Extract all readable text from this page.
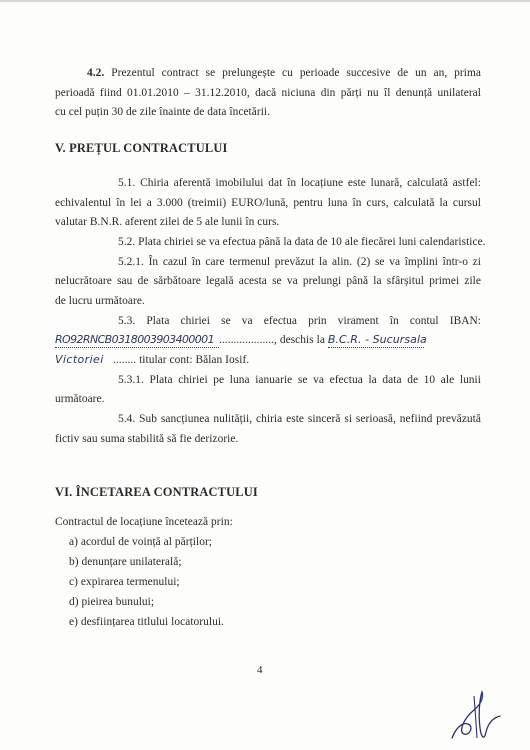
4.2. Prezentul contract se prelungește cu perioade succesive de un an, prima
perioadă fiind 01.01.2010 – 31.12.2010, dacă niciuna din părți nu îl denunță unilateral
cu cel puțin 30 de zile înainte de data încetării.
V. PREȚUL CONTRACTULUI
5.1. Chiria aferentă imobilului dat în locațiune este lunară, calculată astfel:
echivalentul în lei a 3.000 (treimii) EURO/lună, pentru luna în curs, calculată la cursul
valutar B.N.R. aferent zilei de 5 ale lunii în curs.
5.2. Plata chiriei se va efectua până la data de 10 ale fiecărei luni calendaristice.
5.2.1. În cazul în care termenul prevăzut la alin. (2) se va împlini într-o zi
nelucrătoare sau de sărbătoare legală acesta se va prelungi până la sfârșitul primei zile
de lucru următoare.
5.3. Plata chiriei se va efectua prin virament în contul IBAN:
RO92RNCB0318003903400001 ..................., deschis la B.C.R. - Sucursala
Victoriei ........ titular cont: Bălan Iosif.
5.3.1. Plata chiriei pe luna ianuarie se va efectua la data de 10 ale lunii
următoare.
5.4. Sub sancțiunea nulității, chiria este sinceră si serioasă, nefiind prevăzută
fictiv sau suma stabilită să fie derizorie.
VI. ÎNCETAREA CONTRACTULUI
Contractul de locațiune încetează prin:
a) acordul de voință al părților;
b) denunțare unilaterală;
c) expirarea termenului;
d) pieirea bunului;
e) desființarea titlului locatorului.
4
